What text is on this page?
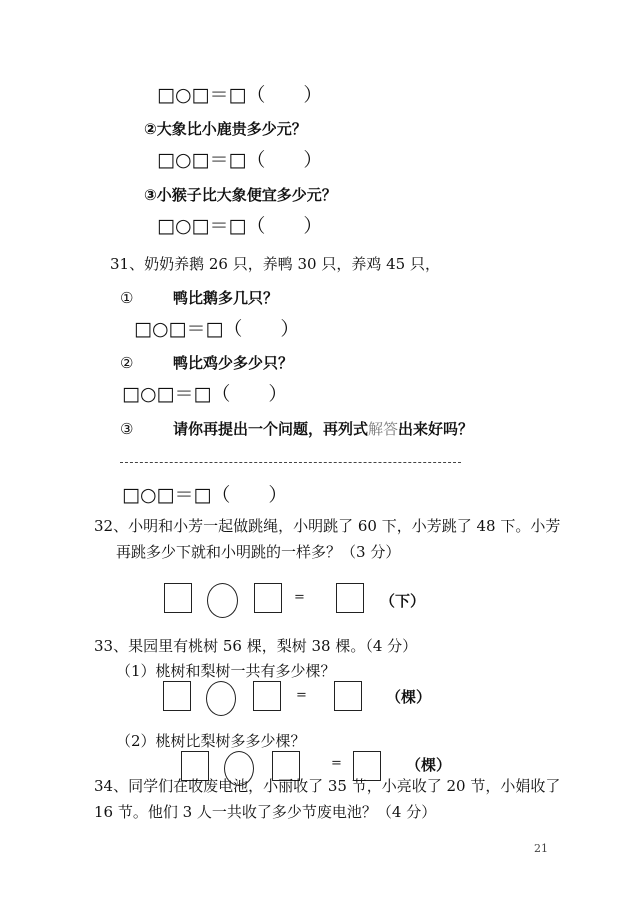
□○□＝□（　　）
②大象比小鹿贵多少元？
□○□＝□（　　）
③小猴子比大象便宜多少元？
□○□＝□（　　）
31、奶奶养鹅 26 只，养鸭 30 只，养鸡 45 只，
①	鸭比鹅多几只？
□○□＝□（　　）
②	鸭比鸡少多少只？
□○□＝□（　　）
③	请你再提出一个问题，再列式解答出来好吗？
□○□＝□（　　）
32、小明和小芳一起做跳绳，小明跳了 60 下，小芳跳了 48 下。小芳
再跳多少下就和小明跳的一样多？（3 分）
=	（下）
33、果园里有桃树 56 棵，梨树 38 棵。（4 分）
（1）桃树和梨树一共有多少棵？
=	（棵）
（2）桃树比梨树多多少棵？
=	（棵）
34、同学们在收废电池，小丽收了 35 节，小亮收了 20 节，小娟收了
16 节。他们 3 人一共收了多少节废电池？（4 分）
21
